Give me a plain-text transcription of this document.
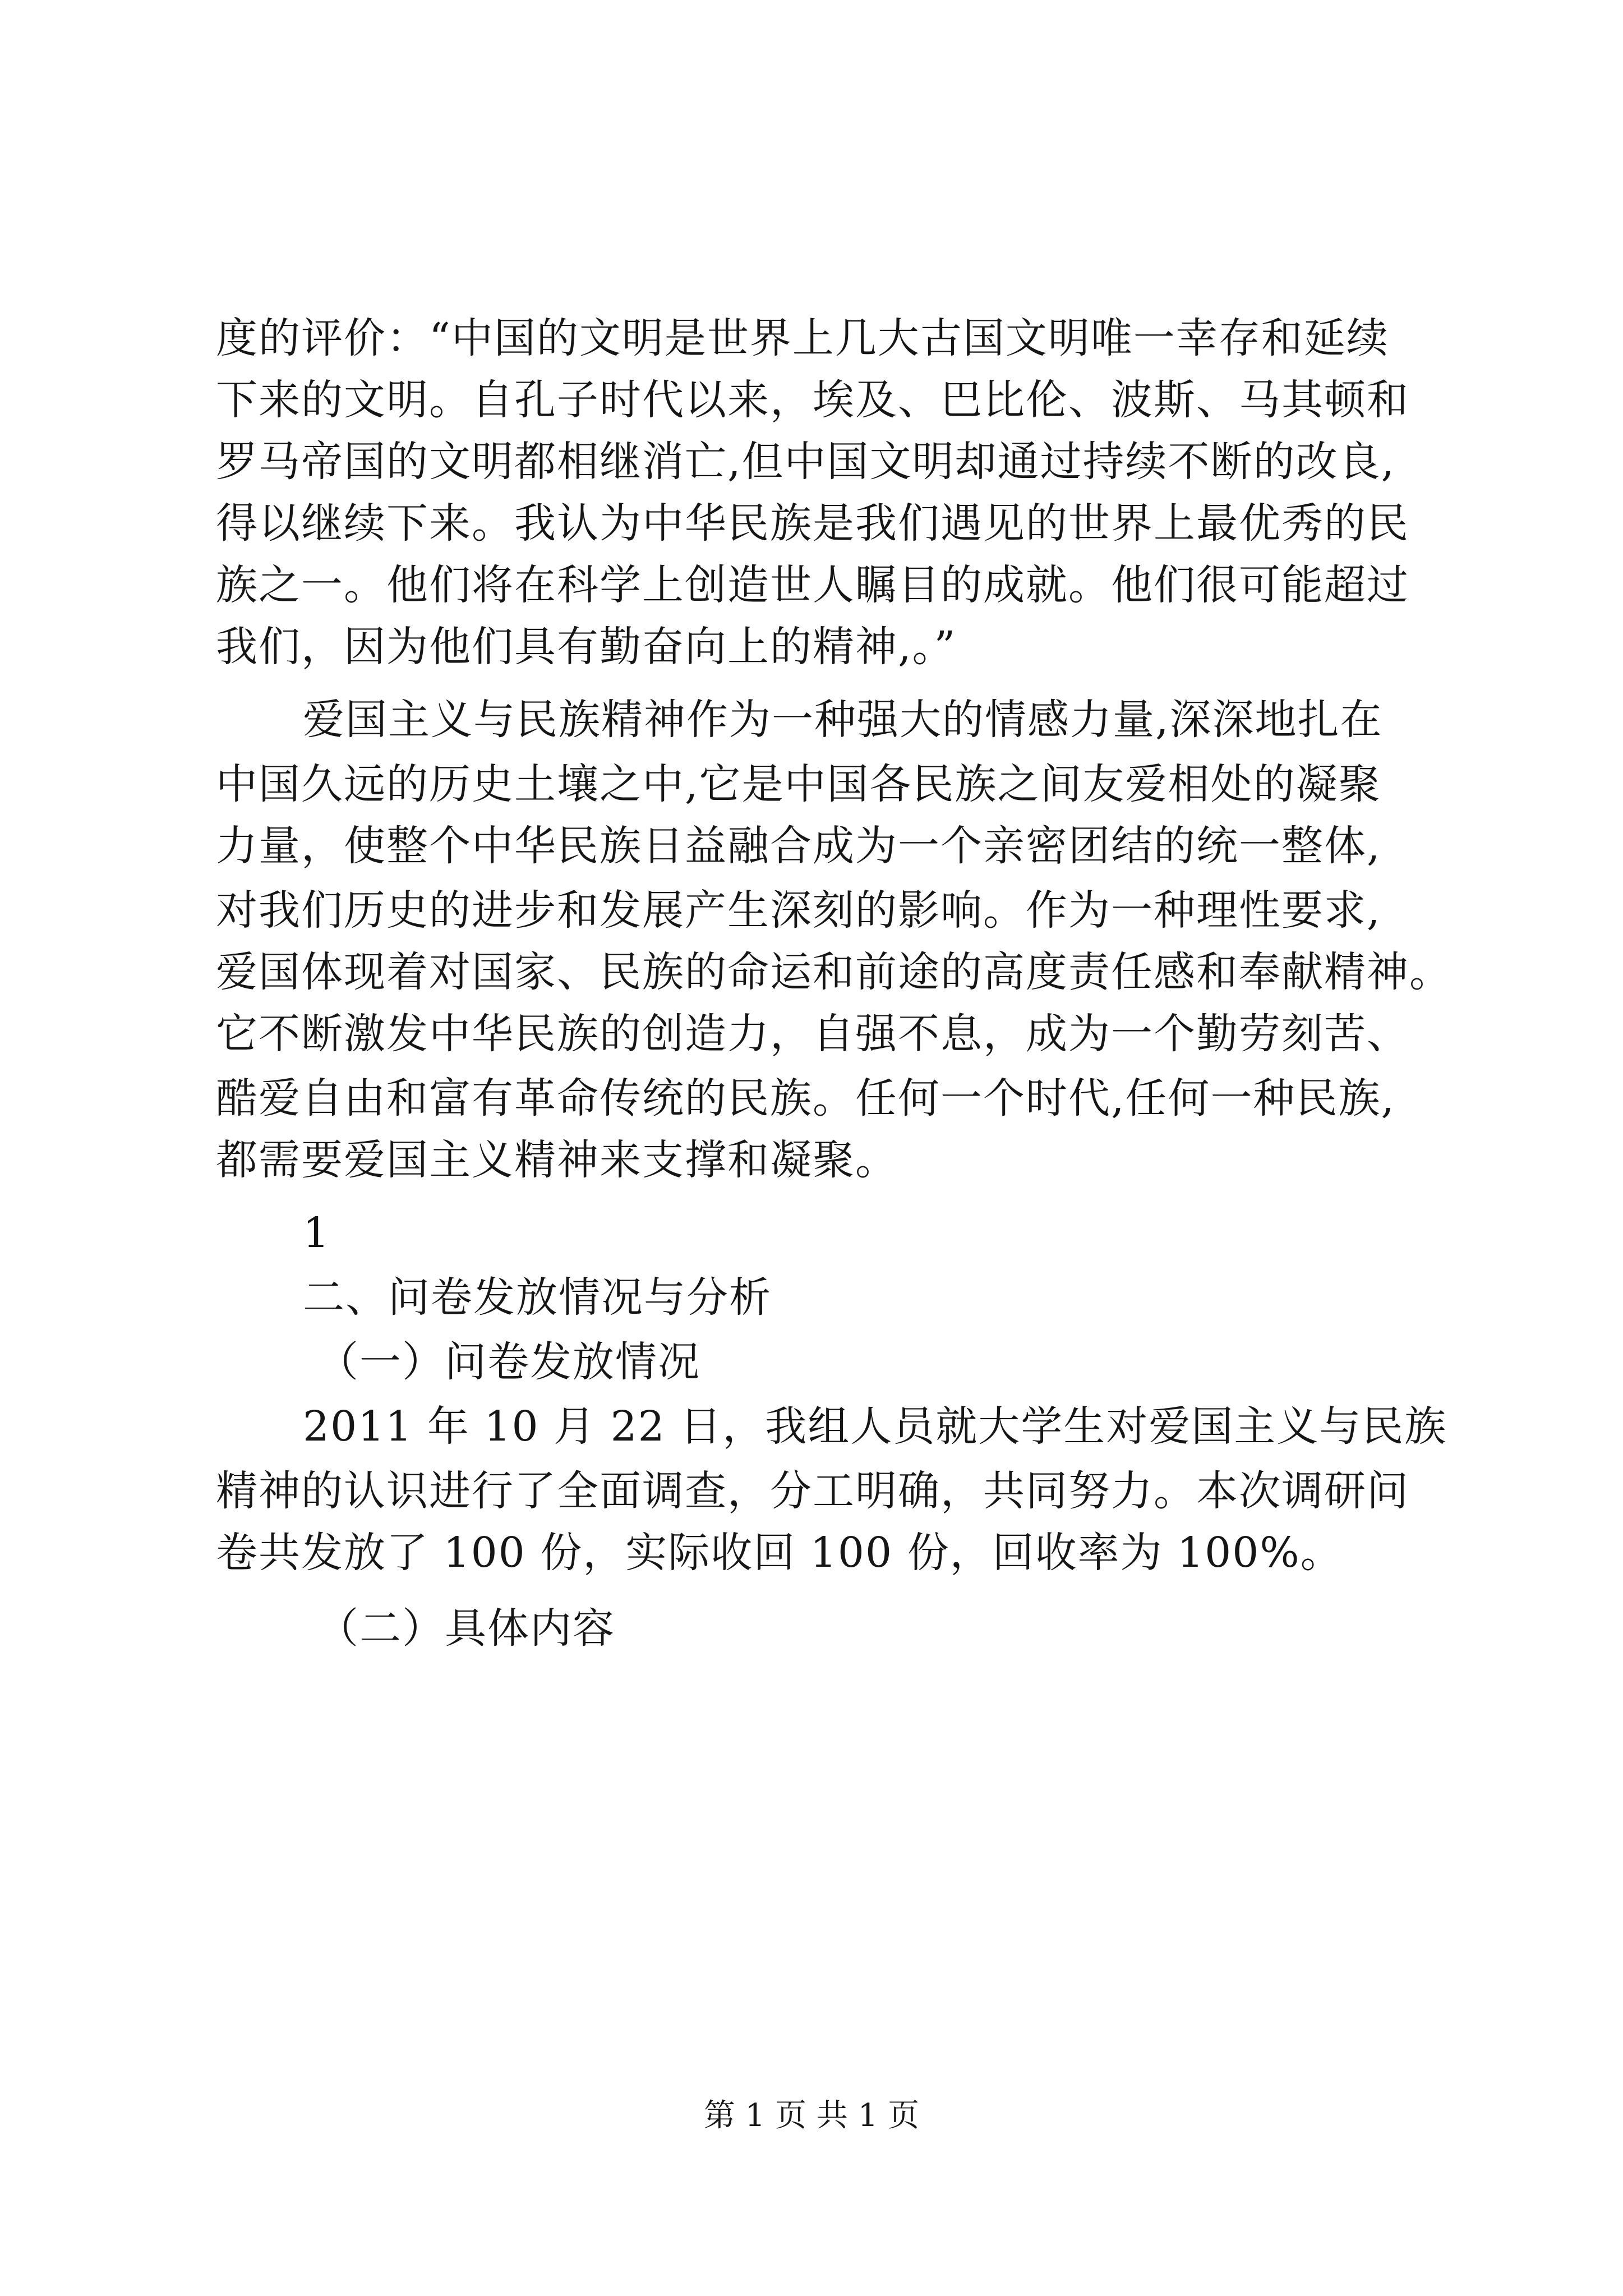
度的评价：“中国的文明是世界上几大古国文明唯一幸存和延续
下来的文明。自孔子时代以来，埃及、巴比伦、波斯、马其顿和
罗马帝国的文明都相继消亡,但中国文明却通过持续不断的改良,
得以继续下来。我认为中华民族是我们遇见的世界上最优秀的民
族之一。他们将在科学上创造世人瞩目的成就。他们很可能超过
我们，因为他们具有勤奋向上的精神,。”
爱国主义与民族精神作为一种强大的情感力量,深深地扎在
中国久远的历史土壤之中,它是中国各民族之间友爱相处的凝聚
力量，使整个中华民族日益融合成为一个亲密团结的统一整体,
对我们历史的进步和发展产生深刻的影响。作为一种理性要求,
爱国体现着对国家、民族的命运和前途的高度责任感和奉献精神。
它不断激发中华民族的创造力，自强不息，成为一个勤劳刻苦、
酷爱自由和富有革命传统的民族。任何一个时代,任何一种民族,
都需要爱国主义精神来支撑和凝聚。
1
二、问卷发放情况与分析
（一）问卷发放情况
2011 年 10 月 22 日，我组人员就大学生对爱国主义与民族
精神的认识进行了全面调查，分工明确，共同努力。本次调研问
卷共发放了 100 份，实际收回 100 份，回收率为 100%。
（二）具体内容
第 1 页 共 1 页
